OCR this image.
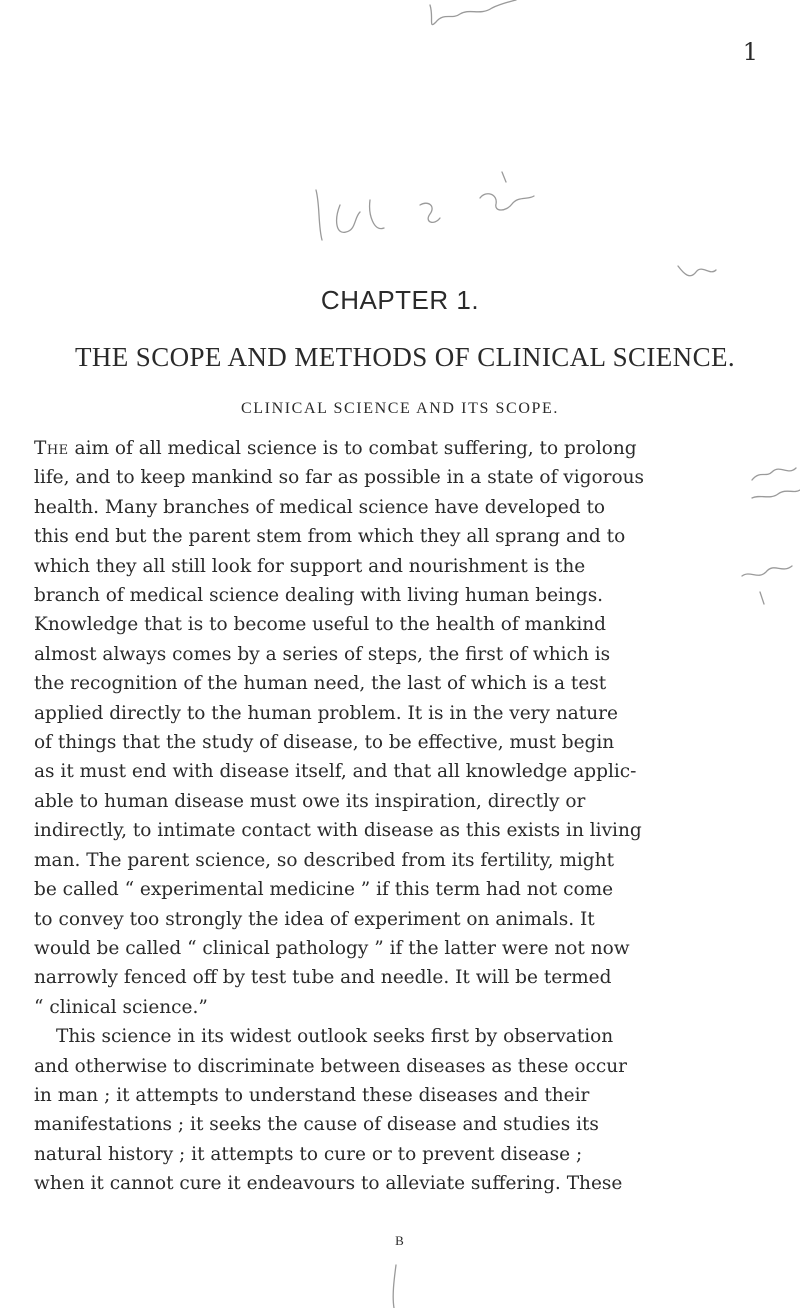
1
CHAPTER 1.
THE SCOPE AND METHODS OF CLINICAL SCIENCE.
CLINICAL SCIENCE AND ITS SCOPE.
The aim of all medical science is to combat suffering, to prolong
life, and to keep mankind so far as possible in a state of vigorous
health. Many branches of medical science have developed to
this end but the parent stem from which they all sprang and to
which they all still look for support and nourishment is the
branch of medical science dealing with living human beings.
Knowledge that is to become useful to the health of mankind
almost always comes by a series of steps, the first of which is
the recognition of the human need, the last of which is a test
applied directly to the human problem. It is in the very nature
of things that the study of disease, to be effective, must begin
as it must end with disease itself, and that all knowledge applic-
able to human disease must owe its inspiration, directly or
indirectly, to intimate contact with disease as this exists in living
man. The parent science, so described from its fertility, might
be called “ experimental medicine ” if this term had not come
to convey too strongly the idea of experiment on animals. It
would be called “ clinical pathology ” if the latter were not now
narrowly fenced off by test tube and needle. It will be termed
“ clinical science.”
This science in its widest outlook seeks first by observation
and otherwise to discriminate between diseases as these occur
in man ; it attempts to understand these diseases and their
manifestations ; it seeks the cause of disease and studies its
natural history ; it attempts to cure or to prevent disease ;
when it cannot cure it endeavours to alleviate suffering. These
B
